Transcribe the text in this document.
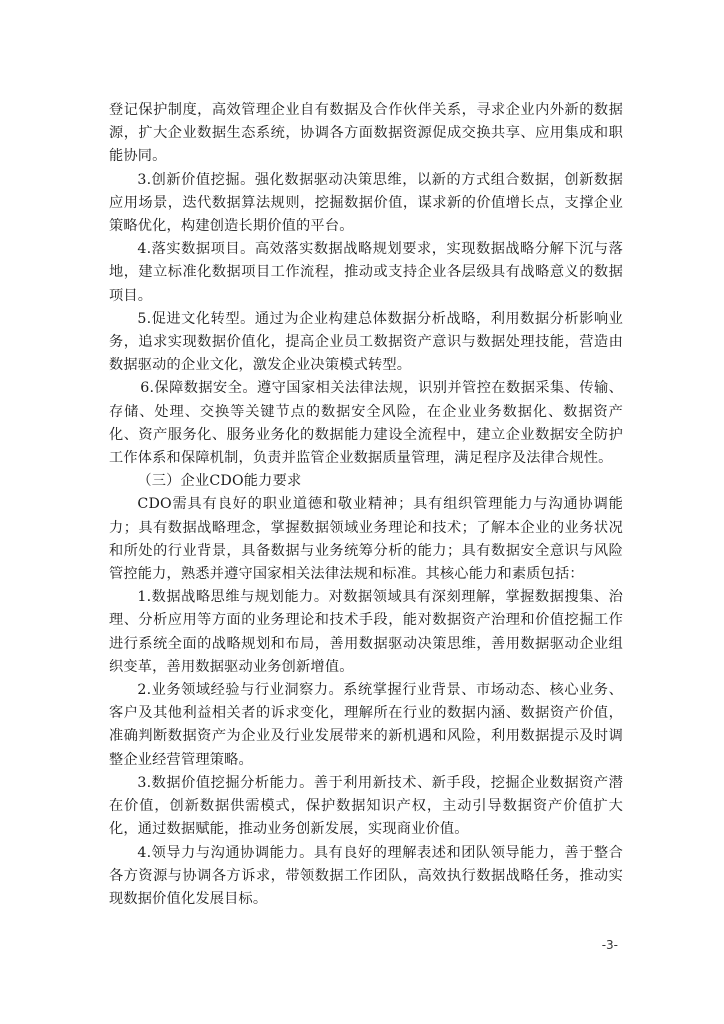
登记保护制度，高效管理企业自有数据及合作伙伴关系，寻求企业内外新的数据源，扩大企业数据生态系统，协调各方面数据资源促成交换共享、应用集成和职能协同。

3.创新价值挖掘。强化数据驱动决策思维，以新的方式组合数据，创新数据应用场景，迭代数据算法规则，挖掘数据价值，谋求新的价值增长点，支撑企业策略优化，构建创造长期价值的平台。

4.落实数据项目。高效落实数据战略规划要求，实现数据战略分解下沉与落地，建立标准化数据项目工作流程，推动或支持企业各层级具有战略意义的数据项目。

5.促进文化转型。通过为企业构建总体数据分析战略，利用数据分析影响业务，追求实现数据价值化，提高企业员工数据资产意识与数据处理技能，营造由数据驱动的企业文化，激发企业决策模式转型。

6.保障数据安全。遵守国家相关法律法规，识别并管控在数据采集、传输、存储、处理、交换等关键节点的数据安全风险，在企业业务数据化、数据资产化、资产服务化、服务业务化的数据能力建设全流程中，建立企业数据安全防护工作体系和保障机制，负责并监管企业数据质量管理，满足程序及法律合规性。

（三）企业CDO能力要求

CDO需具有良好的职业道德和敬业精神；具有组织管理能力与沟通协调能力；具有数据战略理念，掌握数据领域业务理论和技术；了解本企业的业务状况和所处的行业背景，具备数据与业务统筹分析的能力；具有数据安全意识与风险管控能力，熟悉并遵守国家相关法律法规和标准。其核心能力和素质包括：

1.数据战略思维与规划能力。对数据领域具有深刻理解，掌握数据搜集、治理、分析应用等方面的业务理论和技术手段，能对数据资产治理和价值挖掘工作进行系统全面的战略规划和布局，善用数据驱动决策思维，善用数据驱动企业组织变革，善用数据驱动业务创新增值。

2.业务领域经验与行业洞察力。系统掌握行业背景、市场动态、核心业务、客户及其他利益相关者的诉求变化，理解所在行业的数据内涵、数据资产价值，准确判断数据资产为企业及行业发展带来的新机遇和风险，利用数据提示及时调整企业经营管理策略。

3.数据价值挖掘分析能力。善于利用新技术、新手段，挖掘企业数据资产潜在价值，创新数据供需模式，保护数据知识产权，主动引导数据资产价值扩大化，通过数据赋能，推动业务创新发展，实现商业价值。

4.领导力与沟通协调能力。具有良好的理解表述和团队领导能力，善于整合各方资源与协调各方诉求，带领数据工作团队，高效执行数据战略任务，推动实现数据价值化发展目标。

-3-
